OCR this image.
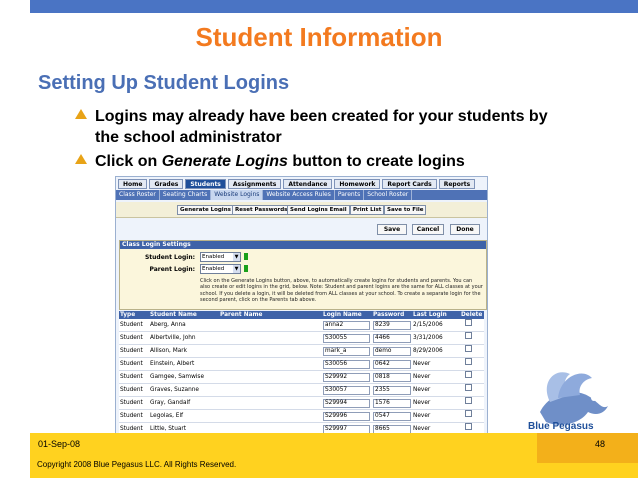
Student Information
Setting Up Student Logins
Logins may already have been created for your students by
the school administrator
Click on Generate Logins button to create logins
Home	Grades	Students	Assignments	Attendance	Homework	Report Cards	Reports
Class Roster	Seating Charts	Website Logins	Website Access Rules	Parents	School Roster
Generate Logins Reset Passwords Send Logins Email	Print List	Save to File
Save	Cancel	Done
Class Login Settings
Student Login:	Enabled	▼
Parent Login:	Enabled	▼
Click on the Generate Logins button, above, to automatically create logins for students and parents. You can also create or edit logins in the grid, below. Note: Student and parent logins are the same for ALL classes at your school. If you delete a login, it will be deleted from ALL classes at your school. To create a separate login for the second parent, click on the Parents tab above.
Type	Student Name	Parent Name	Login Name	Password	Last Login	Delete
Student	Aberg, Anna		anna2	8239	2/15/2006	
Student	Albertville, John		S30055	4466	3/31/2006	
Student	Allison, Mark		mark_a	demo	8/29/2006	
Student	Einstein, Albert		S30056	0642	Never	
Student	Gamgee, Samwise		S29992	0818	Never	
Student	Graves, Suzanne		S30057	2355	Never	
Student	Gray, Gandalf		S29994	1576	Never	
Student	Legolas, Elf		S29996	0547	Never	
Student	Little, Stuart		S29997	8665	Never		Blue Pegasus
01-Sep-08	48
Copyright 2008 Blue Pegasus LLC. All Rights Reserved.
